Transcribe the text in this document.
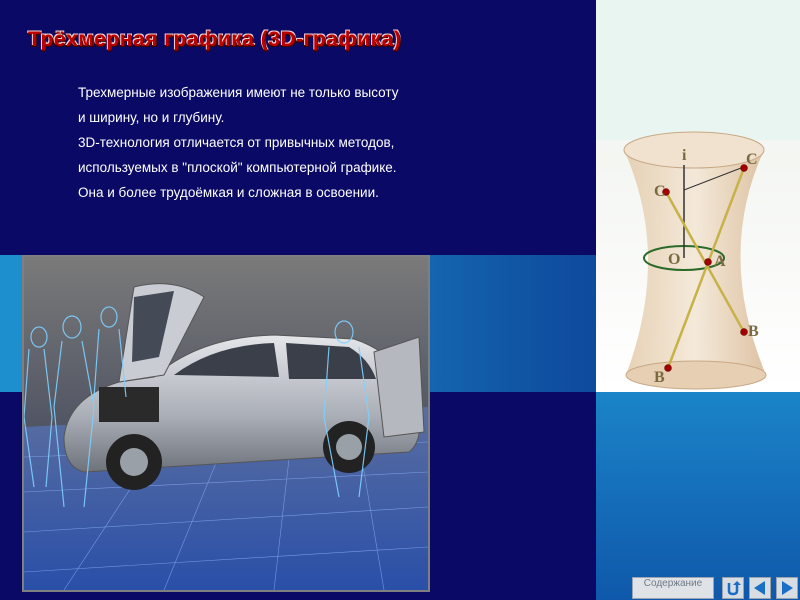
Трёхмерная графика (3D-графика)

Трехмерные изображения имеют не только высоту

и ширину, но и глубину.

3D-технология отличается от привычных методов,

используемых в "плоской" компьютерной графике.

Она и более трудоёмкая и сложная в освоении.

i
C
C
O A
B
B
Содержание
